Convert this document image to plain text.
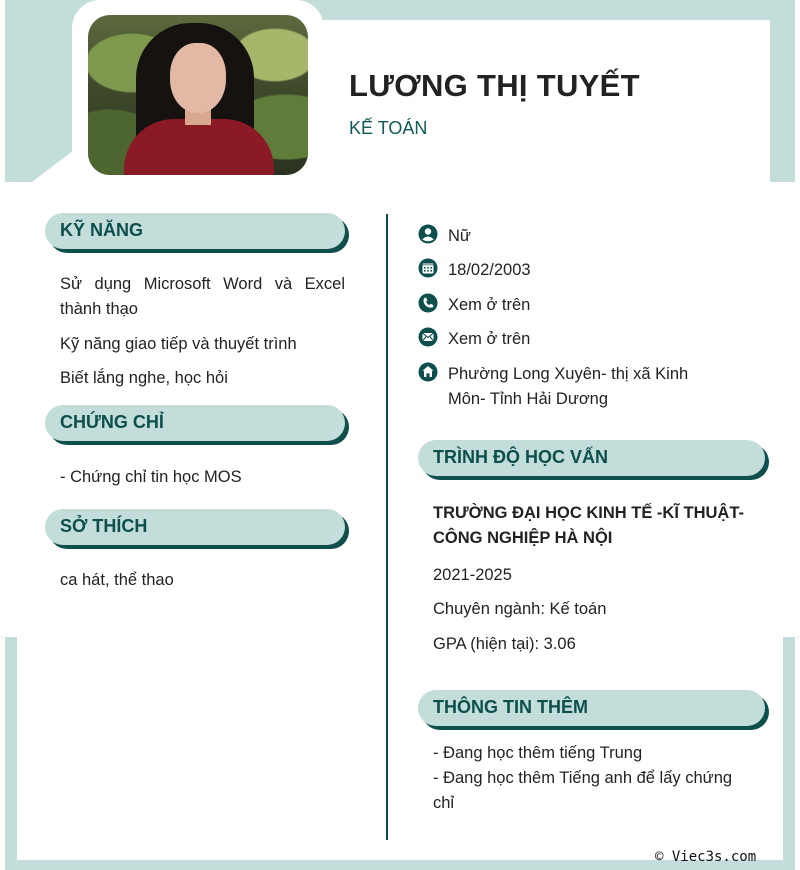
LƯƠNG THỊ TUYẾT
KẾ TOÁN
KỸ NĂNG
Sử dụng Microsoft Word và Excel thành thạo
Kỹ năng giao tiếp và thuyết trình
Biết lắng nghe, học hỏi
CHỨNG CHỈ
- Chứng chỉ tin học MOS
SỞ THÍCH
ca hát, thể thao
Nữ
18/02/2003
Xem ở trên
Xem ở trên
Phường Long Xuyên- thị xã Kinh Môn- Tỉnh Hải Dương
TRÌNH ĐỘ HỌC VẤN
TRƯỜNG ĐẠI HỌC KINH TẾ -KĨ THUẬT- CÔNG NGHIỆP HÀ NỘI
2021-2025
Chuyên ngành: Kế toán
GPA (hiện tại): 3.06
THÔNG TIN THÊM
- Đang học thêm tiếng Trung
- Đang học thêm Tiếng anh để lấy chứng chỉ
© Viec3s.com
